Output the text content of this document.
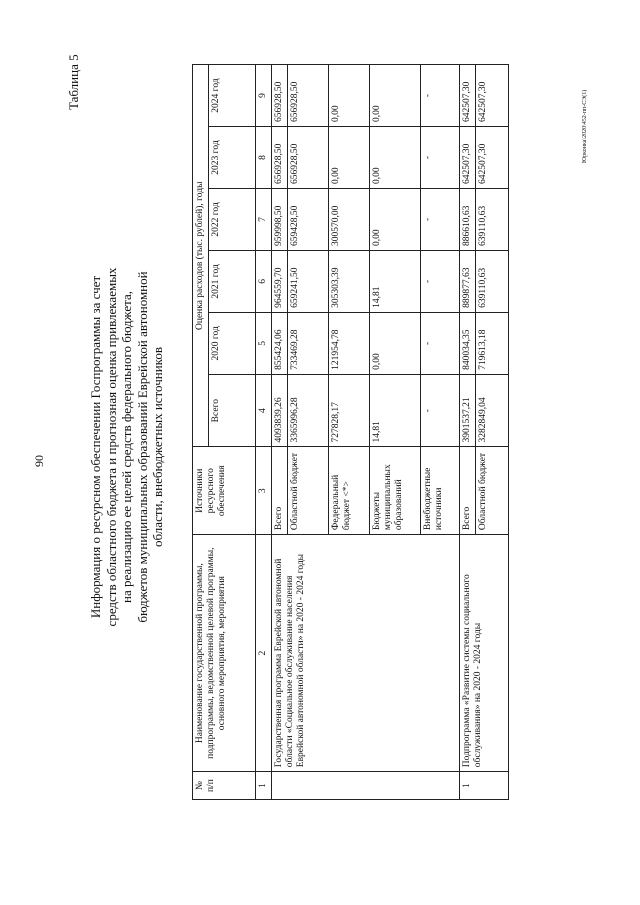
90
Таблица 5
Информация о ресурсном обеспечении Госпрограммы за счет средств областного бюджета и прогнозная оценка привлекаемых на реализацию ее целей средств федерального бюджета, бюджетов муниципальных образований Еврейской автономной области, внебюджетных источников
№ п/п	Наименование государственной программы, подпрограммы, ведомственной целевой программы, основного мероприятия, мероприятия	Источники ресурсного обеспечения	Оценка расходов (тыс. рублей), годы					
			Всего	2020 год	2021 год	2022 год	2023 год	2024 год
1	2	3	4	5	6	7	8	9
	Государственная программа Еврейской автономной области «Социальное обслуживание населения Еврейской автономной области» на 2020 - 2024 годы	Всего	4093839,26	855424,06	964559,70	959998,50	656928,50	656928,50
		Областной бюджет	3365996,28	733469,28	659241,50	659428,50	656928,50	656928,50
		Федеральный бюджет <*>	727828,17	121954,78	305303,39	300570,00	0,00	0,00
		Бюджеты муниципальных образований	14,81	0,00	14,81	0,00	0,00	0,00
		Внебюджетные источники	-	-	-	-	-	-
1	Подпрограмма «Развитие системы социального обслуживания» на 2020 - 2024 годы	Всего	3901537,21	840034,35	889877,63	886610,63	642507,30	642507,30
		Областной бюджет	3282849,04	719613,18	639110,63	639110,63	642507,30	642507,30	Юрконка\2020\452-пп-СЭ(1)
